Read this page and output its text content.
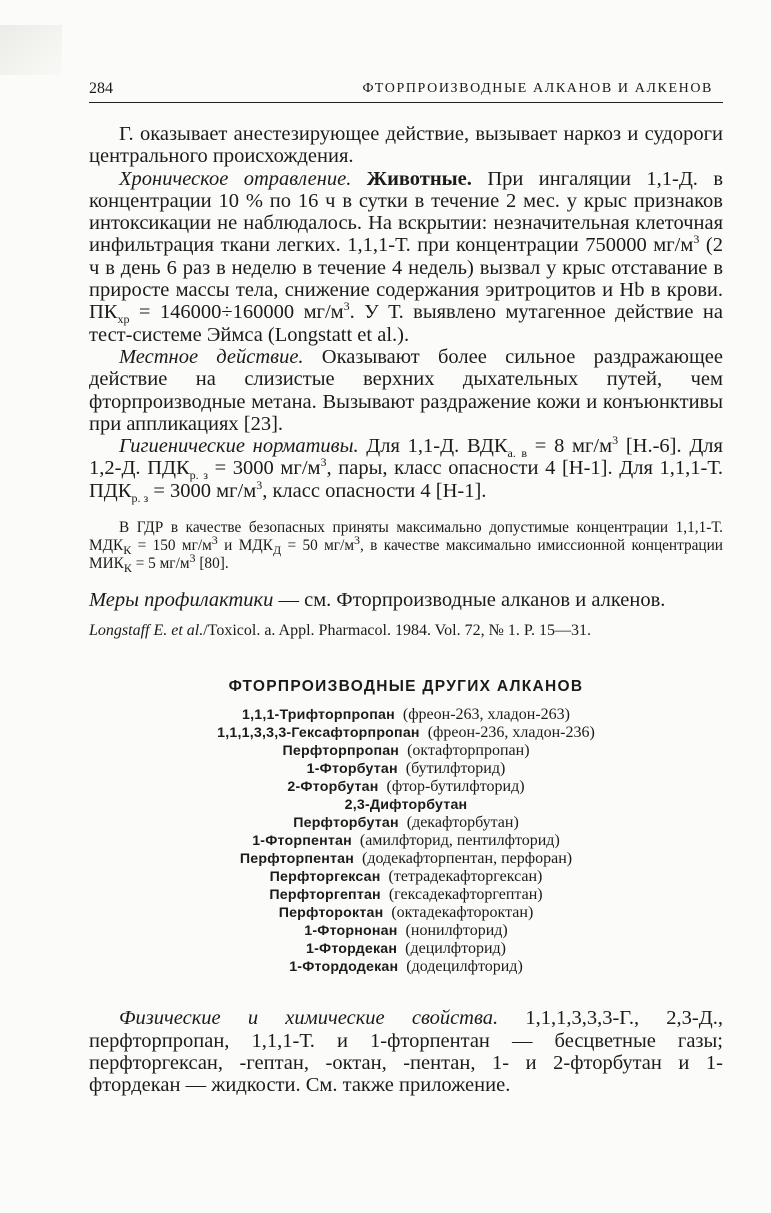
284	ФТОРПРОИЗВОДНЫЕ АЛКАНОВ И АЛКЕНОВ

Г. оказывает анестезирующее действие, вызывает наркоз и судороги центрального происхождения.

Хроническое отравление. Животные. При ингаляции 1,1-Д. в концентрации 10 % по 16 ч в сутки в течение 2 мес. у крыс признаков интоксикации не наблюдалось. На вскрытии: незначительная клеточная инфильтрация ткани легких. 1,1,1-Т. при концентрации 750000 $мг/м^3$ (2 ч в день 6 раз в неделю в течение 4 недель) вызвал у крыс отставание в приросте массы тела, снижение содержания эритроцитов и Hb в крови. $ПК_{хр} = 146000\div 160000$ $мг/м^3$. У Т. выявлено мутагенное действие на тест-системе Эймса (Longstatt et al.).

Местное действие. Оказывают более сильное раздражающее действие на слизистые верхних дыхательных путей, чем фторпроизводные метана. Вызывают раздражение кожи и конъюнктивы при аппликациях [23].

Гигиенические нормативы. Для 1,1-Д. $ВДК_{а. в} = 8$ $мг/м^3$ [Н.-6]. Для 1,2-Д. $ПДК_{р. з} = 3000$ $мг/м^3$, пары, класс опасности 4 [Н-1]. Для 1,1,1-Т. $ПДК_{р. з} = 3000$ $мг/м^3$, класс опасности 4 [Н-1].

В ГДР в качестве безопасных приняты максимально допустимые концентрации 1,1,1-Т. $МДК_К = 150$ $мг/м^3$ и $МДК_Д = 50$ $мг/м^3$, в качестве максимально имиссионной концентрации $МИК_К = 5$ $мг/м^3$ [80].

Меры профилактики — см. Фторпроизводные алканов и алкенов.

Longstaff E. et al./Toxicol. a. Appl. Pharmacol. 1984. Vol. 72, № 1. P. 15—31.

ФТОРПРОИЗВОДНЫЕ ДРУГИХ АЛКАНОВ
1,1,1-Трифторпропан  (фреон-263, хладон-263)
1,1,1,3,3,3-Гексафторпропан  (фреон-236, хладон-236)
Перфторпропан  (октафторпропан)
1-Фторбутан  (бутилфторид)
2-Фторбутан  (фтор-бутилфторид)
2,3-Дифторбутан
Перфторбутан  (декафторбутан)
1-Фторпентан  (амилфторид, пентилфторид)
Перфторпентан  (додекафторпентан, перфоран)
Перфторгексан  (тетрадекафторгексан)
Перфторгептан  (гексадекафторгептан)
Перфтороктан  (октадекафтороктан)
1-Фторнонан  (нонилфторид)
1-Фтордекан  (децилфторид)
1-Фтордодекан  (додецилфторид)

Физические и химические свойства. 1,1,1,3,3,3-Г., 2,3-Д., перфторпропан, 1,1,1-Т. и 1-фторпентан — бесцветные газы; перфторгексан, -гептан, -октан, -пентан, 1- и 2-фторбутан и 1-фтордекан — жидкости. См. также приложение.
